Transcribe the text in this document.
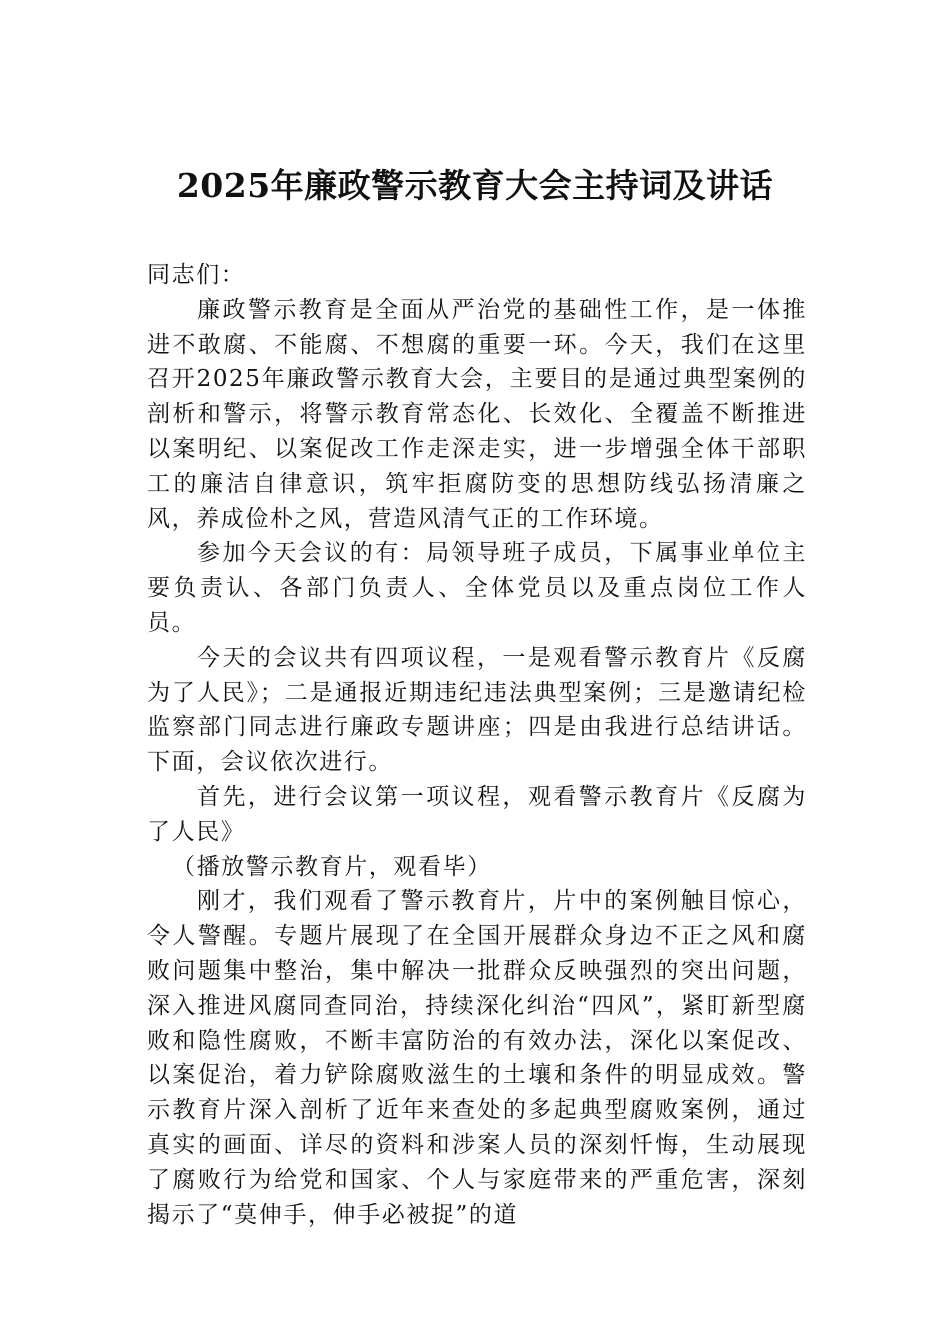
2025年廉政警示教育大会主持词及讲话

同志们：

廉政警示教育是全面从严治党的基础性工作，是一体推进不敢腐、不能腐、不想腐的重要一环。今天，我们在这里召开2025年廉政警示教育大会，主要目的是通过典型案例的剖析和警示，将警示教育常态化、长效化、全覆盖不断推进以案明纪、以案促改工作走深走实，进一步增强全体干部职工的廉洁自律意识，筑牢拒腐防变的思想防线弘扬清廉之风，养成俭朴之风，营造风清气正的工作环境。

参加今天会议的有：局领导班子成员，下属事业单位主要负责认、各部门负责人、全体党员以及重点岗位工作人员。

今天的会议共有四项议程，一是观看警示教育片《反腐为了人民》；二是通报近期违纪违法典型案例；三是邀请纪检监察部门同志进行廉政专题讲座；四是由我进行总结讲话。下面，会议依次进行。

首先，进行会议第一项议程，观看警示教育片《反腐为了人民》

（播放警示教育片，观看毕）

刚才，我们观看了警示教育片，片中的案例触目惊心，令人警醒。专题片展现了在全国开展群众身边不正之风和腐败问题集中整治，集中解决一批群众反映强烈的突出问题，深入推进风腐同查同治，持续深化纠治“四风”，紧盯新型腐败和隐性腐败，不断丰富防治的有效办法，深化以案促改、以案促治，着力铲除腐败滋生的土壤和条件的明显成效。警示教育片深入剖析了近年来查处的多起典型腐败案例，通过真实的画面、详尽的资料和涉案人员的深刻忏悔，生动展现了腐败行为给党和国家、个人与家庭带来的严重危害，深刻揭示了“莫伸手，伸手必被捉”的道
